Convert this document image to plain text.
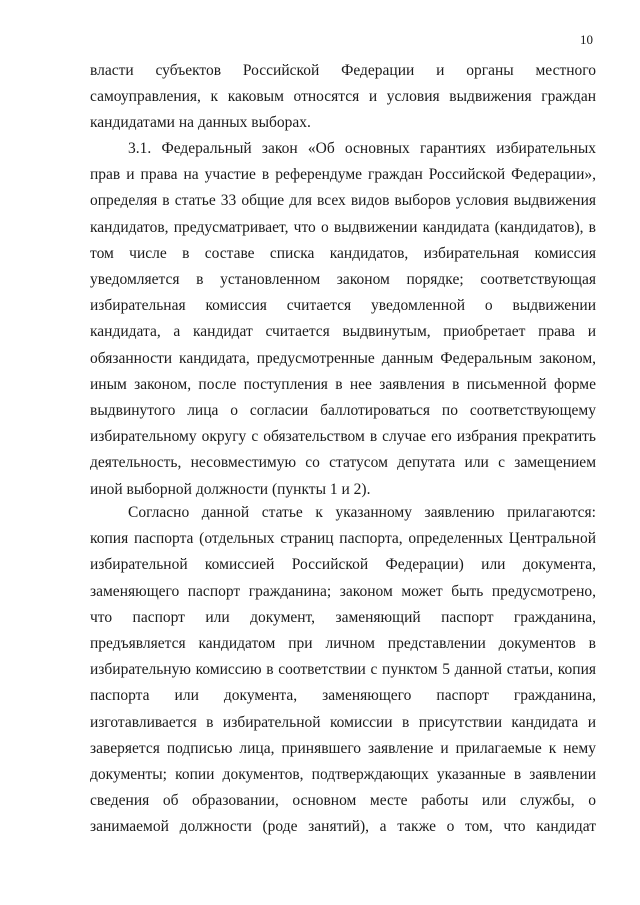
10
власти субъектов Российской Федерации и органы местного
самоуправления, к каковым относятся и условия выдвижения граждан
кандидатами на данных выборах.
3.1. Федеральный закон «Об основных гарантиях избирательных
прав и права на участие в референдуме граждан Российской Федерации»,
определяя в статье 33 общие для всех видов выборов условия выдвижения
кандидатов, предусматривает, что о выдвижении кандидата (кандидатов), в
том числе в составе списка кандидатов, избирательная комиссия
уведомляется в установленном законом порядке; соответствующая
избирательная комиссия считается уведомленной о выдвижении
кандидата, а кандидат считается выдвинутым, приобретает права и
обязанности кандидата, предусмотренные данным Федеральным законом,
иным законом, после поступления в нее заявления в письменной форме
выдвинутого лица о согласии баллотироваться по соответствующему
избирательному округу с обязательством в случае его избрания прекратить
деятельность, несовместимую со статусом депутата или с замещением
иной выборной должности (пункты 1 и 2).
Согласно данной статье к указанному заявлению прилагаются:
копия паспорта (отдельных страниц паспорта, определенных Центральной
избирательной комиссией Российской Федерации) или документа,
заменяющего паспорт гражданина; законом может быть предусмотрено,
что паспорт или документ, заменяющий паспорт гражданина,
предъявляется кандидатом при личном представлении документов в
избирательную комиссию в соответствии с пунктом 5 данной статьи, копия
паспорта или документа, заменяющего паспорт гражданина,
изготавливается в избирательной комиссии в присутствии кандидата и
заверяется подписью лица, принявшего заявление и прилагаемые к нему
документы; копии документов, подтверждающих указанные в заявлении
сведения об образовании, основном месте работы или службы, о
занимаемой должности (роде занятий), а также о том, что кандидат
